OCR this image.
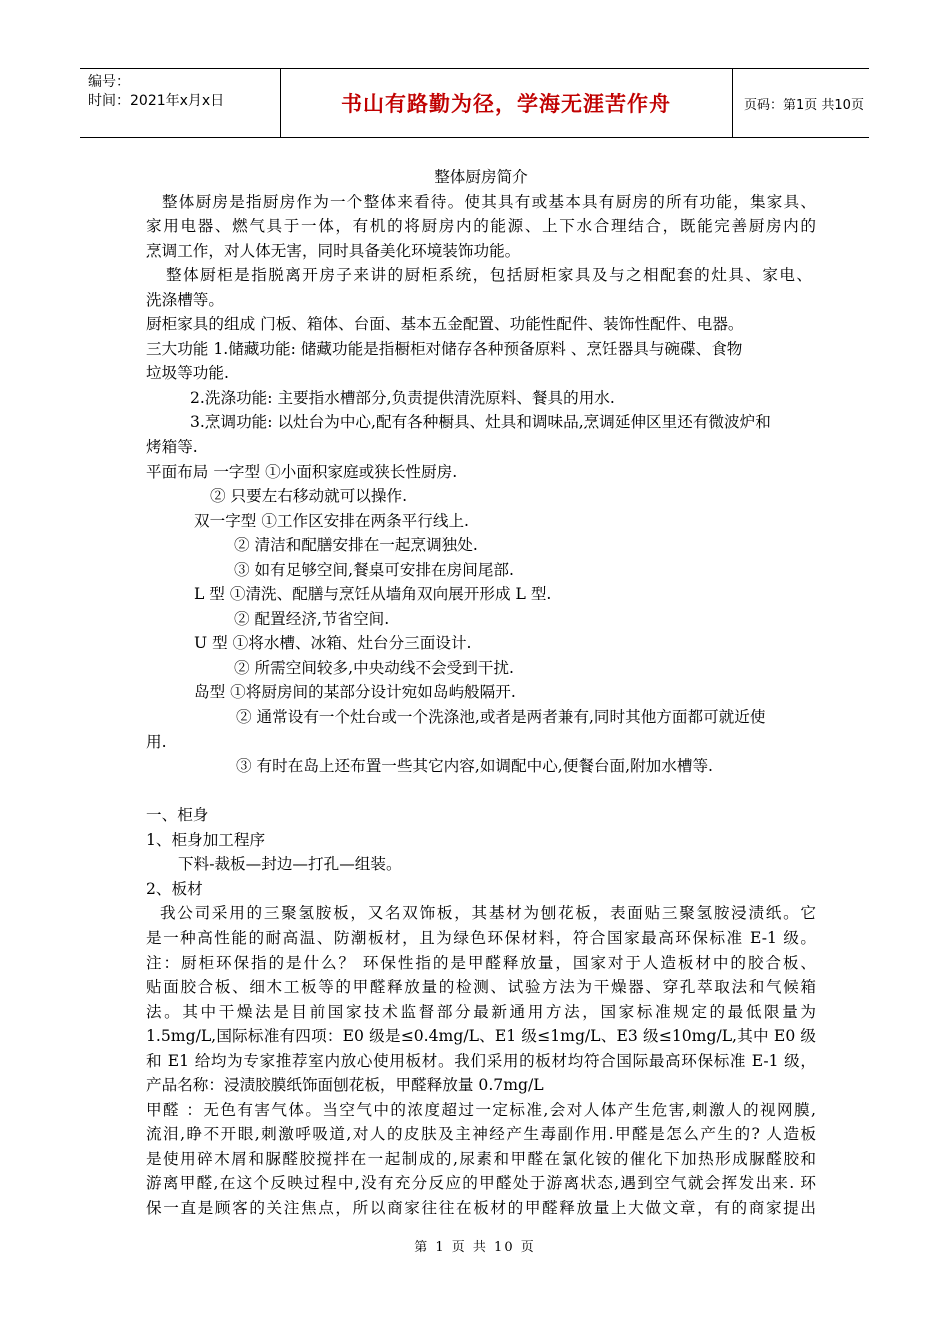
编号：
时间：2021年x月x日	书山有路勤为径，学海无涯苦作舟	页码：第1页 共10页
整体厨房简介
整体厨房是指厨房作为一个整体来看待。使其具有或基本具有厨房的所有功能，集家具、
家用电器、燃气具于一体，有机的将厨房内的能源、上下水合理结合，既能完善厨房内的
烹调工作，对人体无害，同时具备美化环境装饰功能。
整体厨柜是指脱离开房子来讲的厨柜系统，包括厨柜家具及与之相配套的灶具、家电、
洗涤槽等。
厨柜家具的组成 门板、箱体、台面、基本五金配置、功能性配件、装饰性配件、电器。
三大功能 1.储藏功能: 储藏功能是指橱柜对储存各种预备原料 、烹饪器具与碗碟、食物
垃圾等功能.
2.洗涤功能: 主要指水槽部分,负责提供清洗原料、餐具的用水.
3.烹调功能: 以灶台为中心,配有各种橱具、灶具和调味品,烹调延伸区里还有微波炉和
烤箱等.
平面布局 一字型 ①小面积家庭或狭长性厨房.
② 只要左右移动就可以操作.
双一字型 ①工作区安排在两条平行线上.
② 清洁和配膳安排在一起烹调独处.
③ 如有足够空间,餐桌可安排在房间尾部.
L 型 ①清洗、配膳与烹饪从墙角双向展开形成 L 型.
② 配置经济,节省空间.
U 型 ①将水槽、冰箱、灶台分三面设计.
② 所需空间较多,中央动线不会受到干扰.
岛型 ①将厨房间的某部分设计宛如岛屿般隔开.
② 通常设有一个灶台或一个洗涤池,或者是两者兼有,同时其他方面都可就近使
用.
③ 有时在岛上还布置一些其它内容,如调配中心,便餐台面,附加水槽等.
一、柜身
1、柜身加工程序
下料-裁板—封边—打孔—组装。
2、板材
我公司采用的三聚氢胺板，又名双饰板，其基材为刨花板，表面贴三聚氢胺浸渍纸。它
是一种高性能的耐高温、防潮板材，且为绿色环保材料，符合国家最高环保标准 E-1 级。
注：厨柜环保指的是什么？ 环保性指的是甲醛释放量，国家对于人造板材中的胶合板、
贴面胶合板、细木工板等的甲醛释放量的检测、试验方法为干燥器、穿孔萃取法和气候箱
法。其中干燥法是目前国家技术监督部分最新通用方法，国家标准规定的最低限量为
1.5mg/L,国际标准有四项：E0 级是≤0.4mg/L、E1 级≤1mg/L、E3 级≤10mg/L,其中 E0 级
和 E1 给均为专家推荐室内放心使用板材。我们采用的板材均符合国际最高环保标准 E-1 级，
产品名称：浸渍胶膜纸饰面刨花板，甲醛释放量 0.7mg/L
甲醛 ：无色有害气体。当空气中的浓度超过一定标准,会对人体产生危害,刺激人的视网膜,
流泪,睁不开眼,刺激呼吸道,对人的皮肤及主神经产生毒副作用.甲醛是怎么产生的? 人造板
是使用碎木屑和脲醛胶搅拌在一起制成的,尿素和甲醛在氯化铵的催化下加热形成脲醛胶和
游离甲醛,在这个反映过程中,没有充分反应的甲醛处于游离状态,遇到空气就会挥发出来. 环
保一直是顾客的关注焦点，所以商家往往在板材的甲醛释放量上大做文章，有的商家提出
第 1 页 共 10 页
